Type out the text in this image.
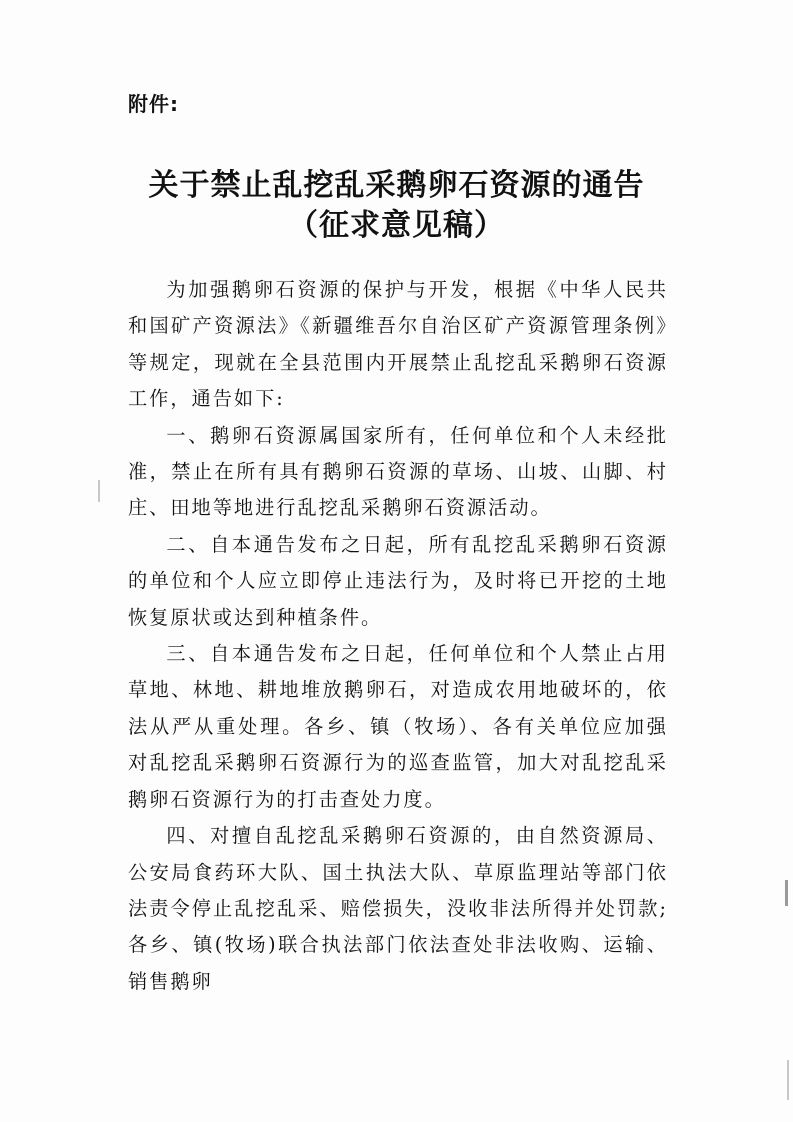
附件:
关于禁止乱挖乱采鹅卵石资源的通告
（征求意见稿）

为加强鹅卵石资源的保护与开发，根据《中华人民共和国矿产资源法》《新疆维吾尔自治区矿产资源管理条例》等规定，现就在全县范围内开展禁止乱挖乱采鹅卵石资源工作，通告如下:

一、鹅卵石资源属国家所有，任何单位和个人未经批准，禁止在所有具有鹅卵石资源的草场、山坡、山脚、村庄、田地等地进行乱挖乱采鹅卵石资源活动。

二、自本通告发布之日起，所有乱挖乱采鹅卵石资源的单位和个人应立即停止违法行为，及时将已开挖的土地恢复原状或达到种植条件。

三、自本通告发布之日起，任何单位和个人禁止占用草地、林地、耕地堆放鹅卵石，对造成农用地破坏的，依法从严从重处理。各乡、镇（牧场）、各有关单位应加强对乱挖乱采鹅卵石资源行为的巡查监管，加大对乱挖乱采鹅卵石资源行为的打击查处力度。

四、对擅自乱挖乱采鹅卵石资源的，由自然资源局、公安局食药环大队、国土执法大队、草原监理站等部门依法责令停止乱挖乱采、赔偿损失，没收非法所得并处罚款;各乡、镇(牧场)联合执法部门依法查处非法收购、运输、销售鹅卵
